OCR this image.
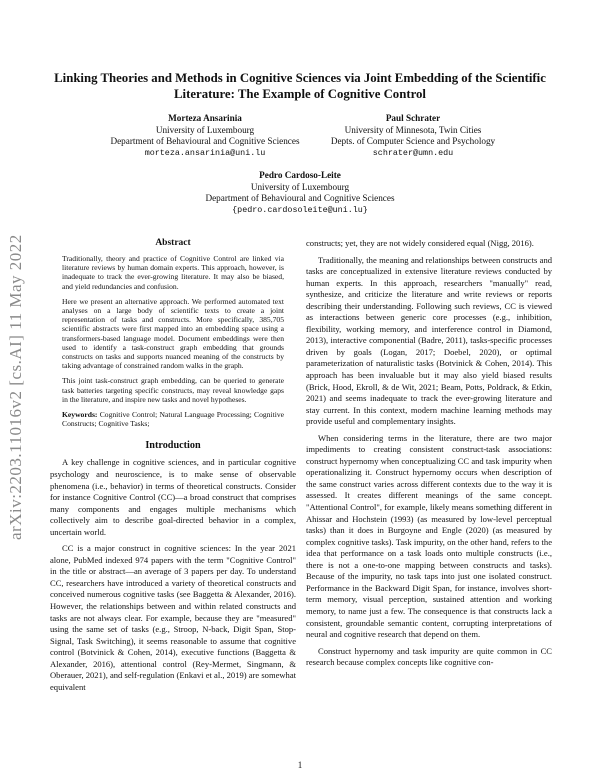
arXiv:2203.11016v2 [cs.AI] 11 May 2022
Linking Theories and Methods in Cognitive Sciences via Joint Embedding of the Scientific Literature: The Example of Cognitive Control
Morteza Ansarinia
University of Luxembourg
Department of Behavioural and Cognitive Sciences
morteza.ansarinia@uni.lu
Paul Schrater
University of Minnesota, Twin Cities
Depts. of Computer Science and Psychology
schrater@umn.edu
Pedro Cardoso-Leite
University of Luxembourg
Department of Behavioural and Cognitive Sciences
{pedro.cardosoleite@uni.lu}
Abstract

Traditionally, theory and practice of Cognitive Control are linked via literature reviews by human domain experts. This approach, however, is inadequate to track the ever-growing literature. It may also be biased, and yield redundancies and confusion.

Here we present an alternative approach. We performed automated text analyses on a large body of scientific texts to create a joint representation of tasks and constructs. More specifically, 385,705 scientific abstracts were first mapped into an embedding space using a transformers-based language model. Document embeddings were then used to identify a task-construct graph embedding that grounds constructs on tasks and supports nuanced meaning of the constructs by taking advantage of constrained random walks in the graph.

This joint task-construct graph embedding, can be queried to generate task batteries targeting specific constructs, may reveal knowledge gaps in the literature, and inspire new tasks and novel hypotheses.

Keywords: Cognitive Control; Natural Language Processing; Cognitive Constructs; Cognitive Tasks;

Introduction

A key challenge in cognitive sciences, and in particular cognitive psychology and neuroscience, is to make sense of observable phenomena (i.e., behavior) in terms of theoretical constructs. Consider for instance Cognitive Control (CC)—a broad construct that comprises many components and engages multiple mechanisms which collectively aim to describe goal-directed behavior in a complex, uncertain world.

CC is a major construct in cognitive sciences: In the year 2021 alone, PubMed indexed 974 papers with the term "Cognitive Control" in the title or abstract—an average of 3 papers per day. To understand CC, researchers have introduced a variety of theoretical constructs and conceived numerous cognitive tasks (see Baggetta & Alexander, 2016). However, the relationships between and within related constructs and tasks are not always clear. For example, because they are "measured" using the same set of tasks (e.g., Stroop, N-back, Digit Span, Stop-Signal, Task Switching), it seems reasonable to assume that cognitive control (Botvinick & Cohen, 2014), executive functions (Baggetta & Alexander, 2016), attentional control (Rey-Mermet, Singmann, & Oberauer, 2021), and self-regulation (Enkavi et al., 2019) are somewhat equivalent

constructs; yet, they are not widely considered equal (Nigg, 2016).

Traditionally, the meaning and relationships between constructs and tasks are conceptualized in extensive literature reviews conducted by human experts. In this approach, researchers "manually" read, synthesize, and criticize the literature and write reviews or reports describing their understanding. Following such reviews, CC is viewed as interactions between generic core processes (e.g., inhibition, flexibility, working memory, and interference control in Diamond, 2013), interactive componential (Badre, 2011), tasks-specific processes driven by goals (Logan, 2017; Doebel, 2020), or optimal parameterization of naturalistic tasks (Botvinick & Cohen, 2014). This approach has been invaluable but it may also yield biased results (Brick, Hood, Ekroll, & de Wit, 2021; Beam, Potts, Poldrack, & Etkin, 2021) and seems inadequate to track the ever-growing literature and stay current. In this context, modern machine learning methods may provide useful and complementary insights.

When considering terms in the literature, there are two major impediments to creating consistent construct-task associations: construct hypernomy when conceptualizing CC and task impurity when operationalizing it. Construct hypernomy occurs when description of the same construct varies across different contexts due to the way it is assessed. It creates different meanings of the same concept. "Attentional Control", for example, likely means something different in Ahissar and Hochstein (1993) (as measured by low-level perceptual tasks) than it does in Burgoyne and Engle (2020) (as measured by complex cognitive tasks). Task impurity, on the other hand, refers to the idea that performance on a task loads onto multiple constructs (i.e., there is not a one-to-one mapping between constructs and tasks). Because of the impurity, no task taps into just one isolated construct. Performance in the Backward Digit Span, for instance, involves short-term memory, visual perception, sustained attention and working memory, to name just a few. The consequence is that constructs lack a consistent, groundable semantic content, corrupting interpretations of neural and cognitive research that depend on them.

Construct hypernomy and task impurity are quite common in CC research because complex concepts like cognitive con-

1
